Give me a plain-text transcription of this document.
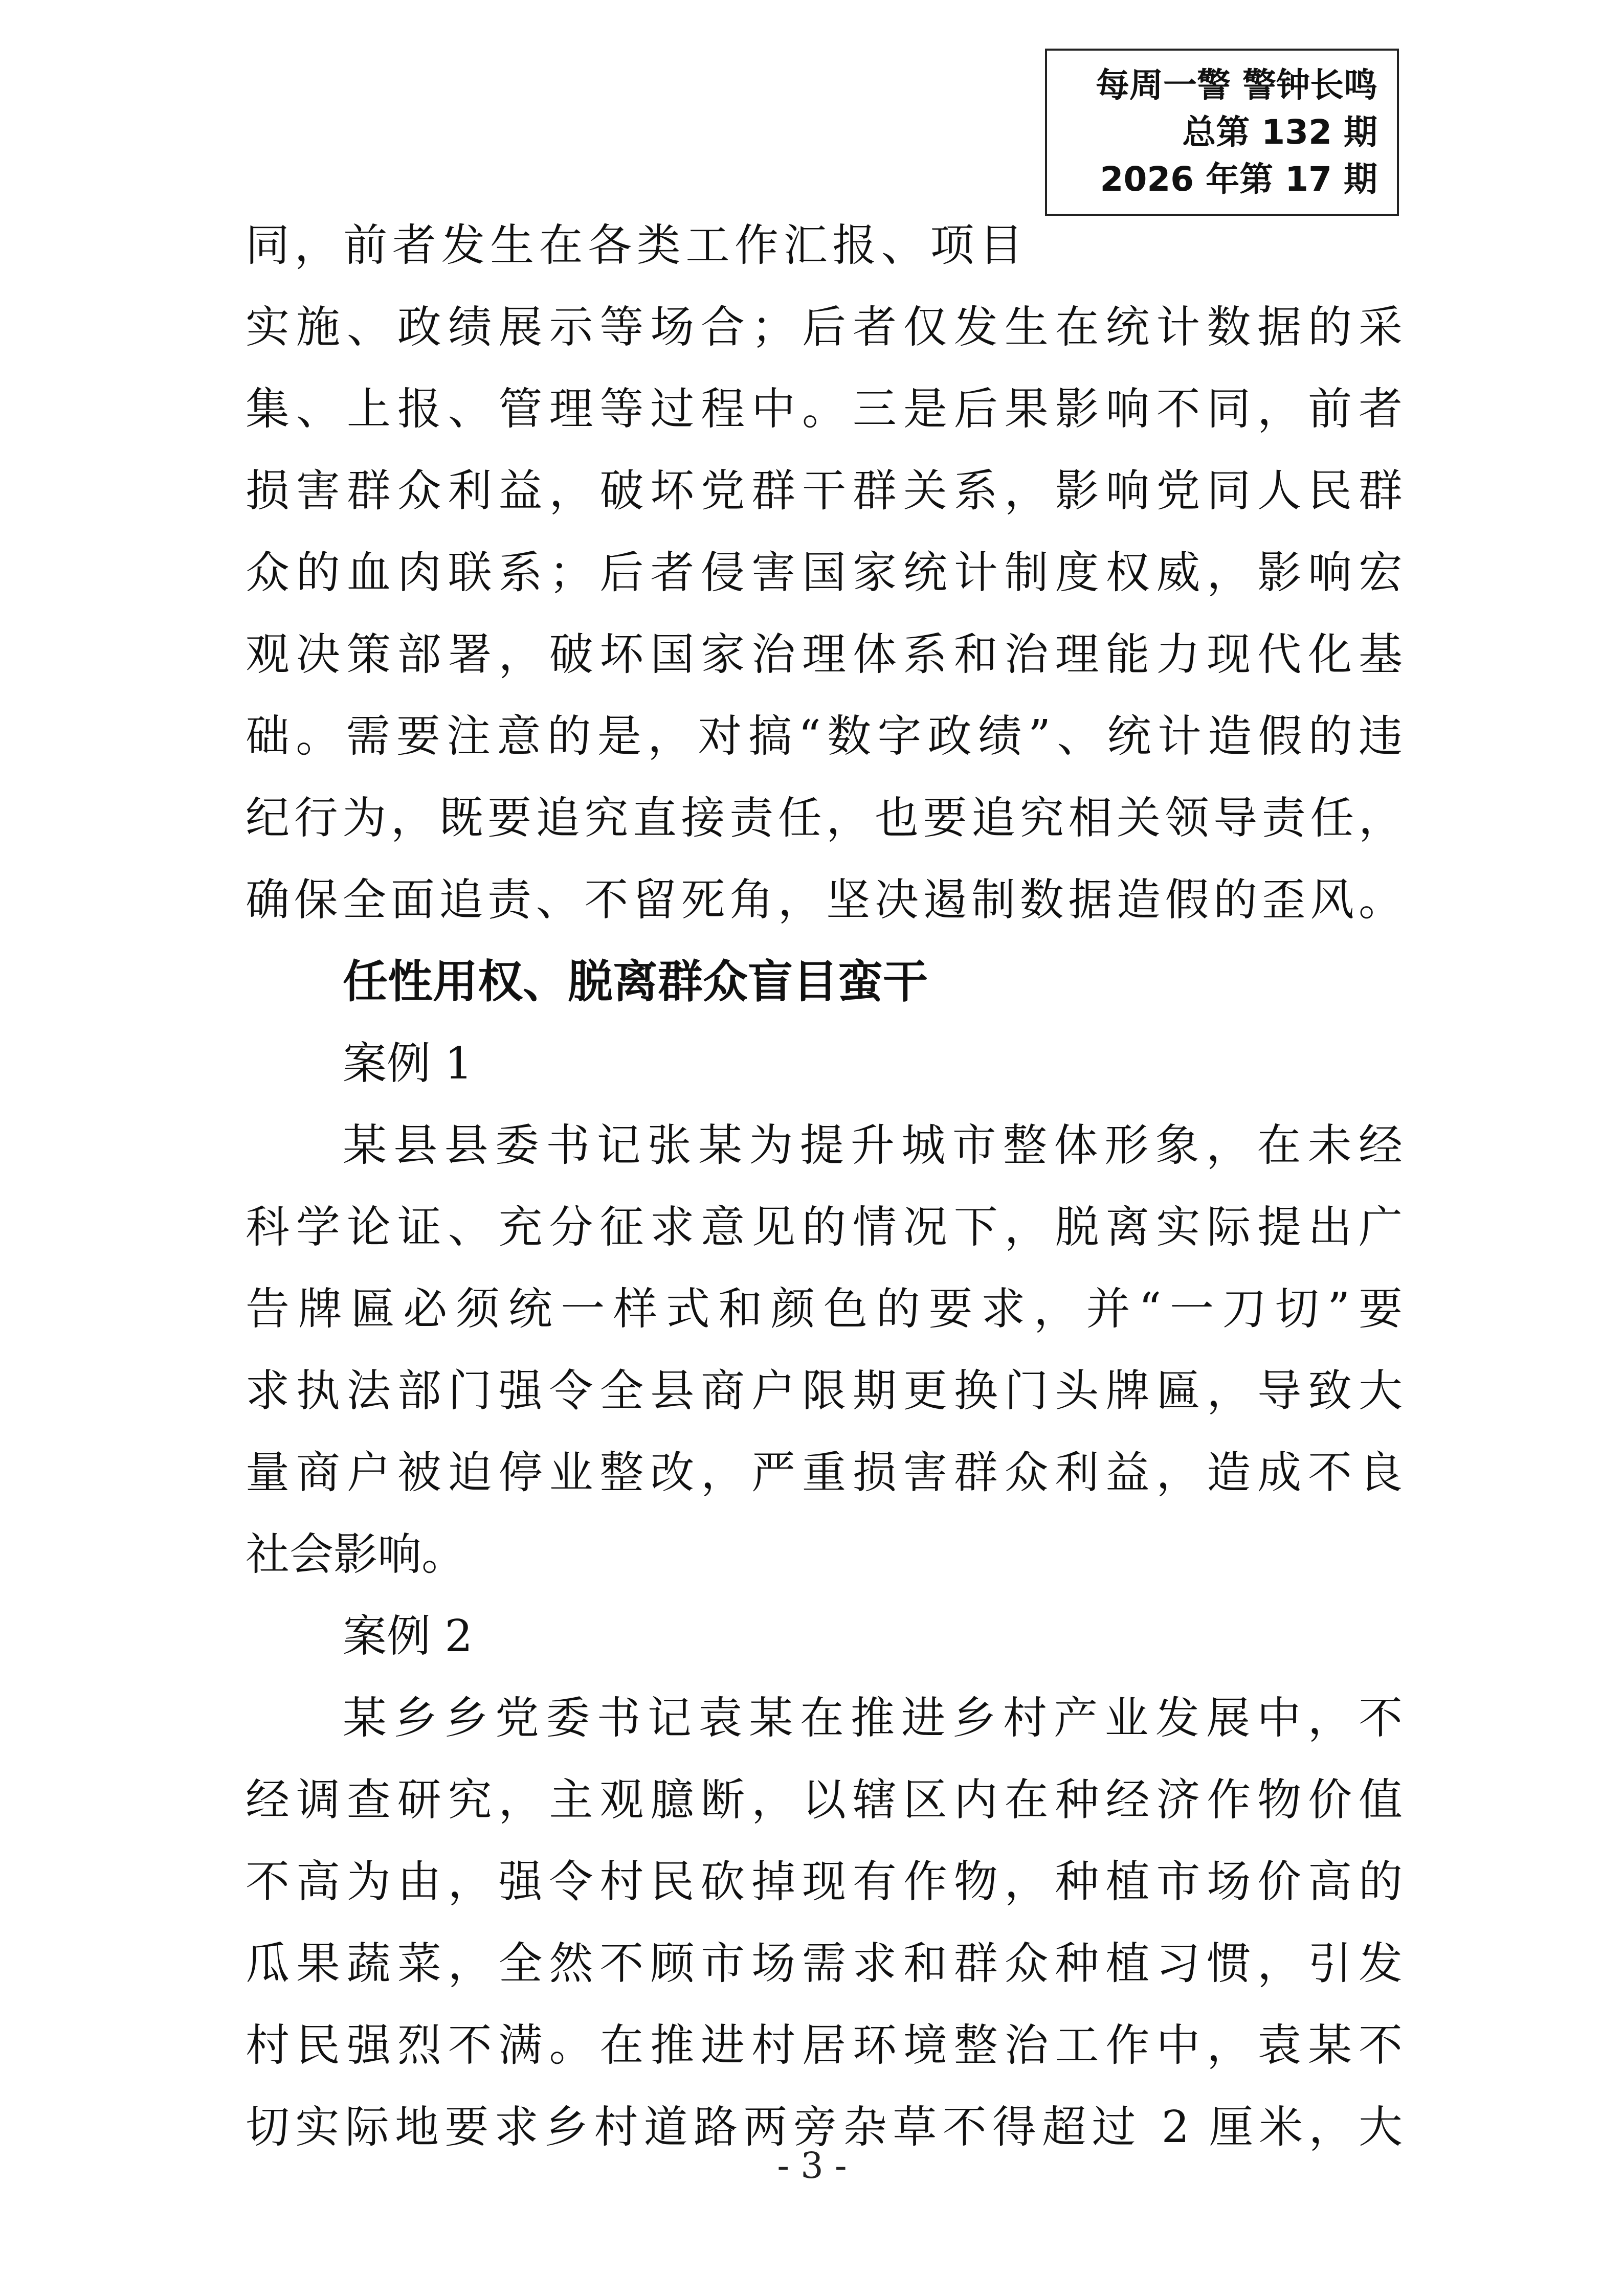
每周一警 警钟长鸣
总第 132 期
2026 年第 17 期
同，前者发生在各类工作汇报、项目
实施、政绩展示等场合；后者仅发生在统计数据的采
集、上报、管理等过程中。三是后果影响不同，前者
损害群众利益，破坏党群干群关系，影响党同人民群
众的血肉联系；后者侵害国家统计制度权威，影响宏
观决策部署，破坏国家治理体系和治理能力现代化基
础。需要注意的是，对搞“数字政绩”、统计造假的违
纪行为，既要追究直接责任，也要追究相关领导责任，
确保全面追责、不留死角，坚决遏制数据造假的歪风。
任性用权、脱离群众盲目蛮干
案例 1
某县县委书记张某为提升城市整体形象，在未经
科学论证、充分征求意见的情况下，脱离实际提出广
告牌匾必须统一样式和颜色的要求，并“一刀切”要
求执法部门强令全县商户限期更换门头牌匾，导致大
量商户被迫停业整改，严重损害群众利益，造成不良
社会影响。
案例 2
某乡乡党委书记袁某在推进乡村产业发展中，不
经调查研究，主观臆断，以辖区内在种经济作物价值
不高为由，强令村民砍掉现有作物，种植市场价高的
瓜果蔬菜，全然不顾市场需求和群众种植习惯，引发
村民强烈不满。在推进村居环境整治工作中，袁某不
切实际地要求乡村道路两旁杂草不得超过 2 厘米，大
- 3 -
